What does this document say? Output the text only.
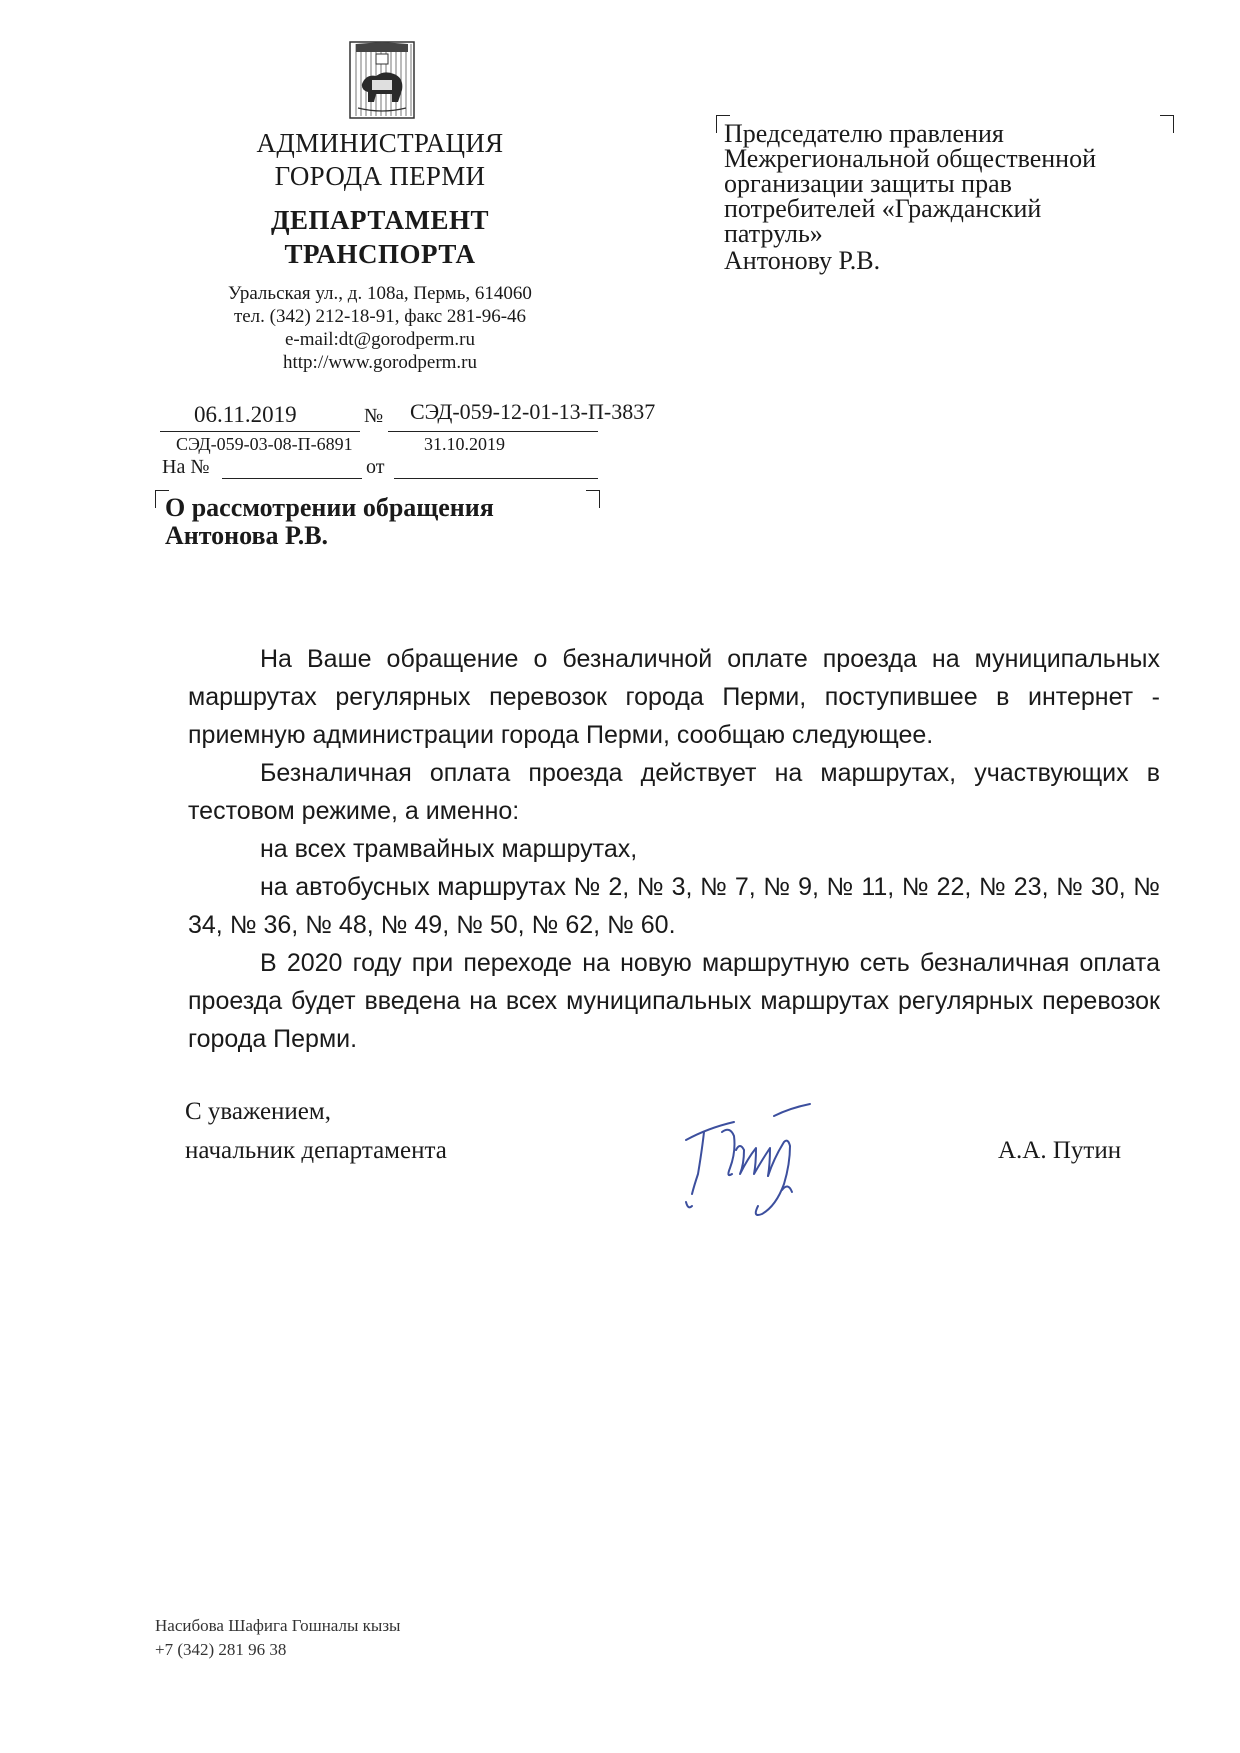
АДМИНИСТРАЦИЯ
ГОРОДА ПЕРМИ
ДЕПАРТАМЕНТ
ТРАНСПОРТА
Уральская ул., д. 108а, Пермь, 614060
тел. (342) 212-18-91, факс 281-96-46
e-mail:dt@gorodperm.ru
http://www.gorodperm.ru
06.11.2019	№ СЭД-059-12-01-13-П-3837
СЭД-059-03-08-П-6891	31.10.2019
На №	от
О рассмотрении обращения
Антонова Р.В.
Председателю правления
Межрегиональной общественной
организации защиты прав
потребителей «Гражданский
патруль»
Антонову Р.В.

На Ваше обращение о безналичной оплате проезда на муниципальных маршрутах регулярных перевозок города Перми, поступившее в интернет - приемную администрации города Перми, сообщаю следующее.

Безналичная оплата проезда действует на маршрутах, участвующих в тестовом режиме, а именно:

на всех трамвайных маршрутах,

на автобусных маршрутах № 2, № 3, № 7, № 9, № 11, № 22, № 23, № 30, № 34, № 36, № 48, № 49, № 50, № 62, № 60.

В 2020 году при переходе на новую маршрутную сеть безналичная оплата проезда будет введена на всех муниципальных маршрутах регулярных перевозок города Перми.

С уважением,
начальник департамента	А.А. Путин
Насибова Шафига Гошналы кызы
+7 (342) 281 96 38
